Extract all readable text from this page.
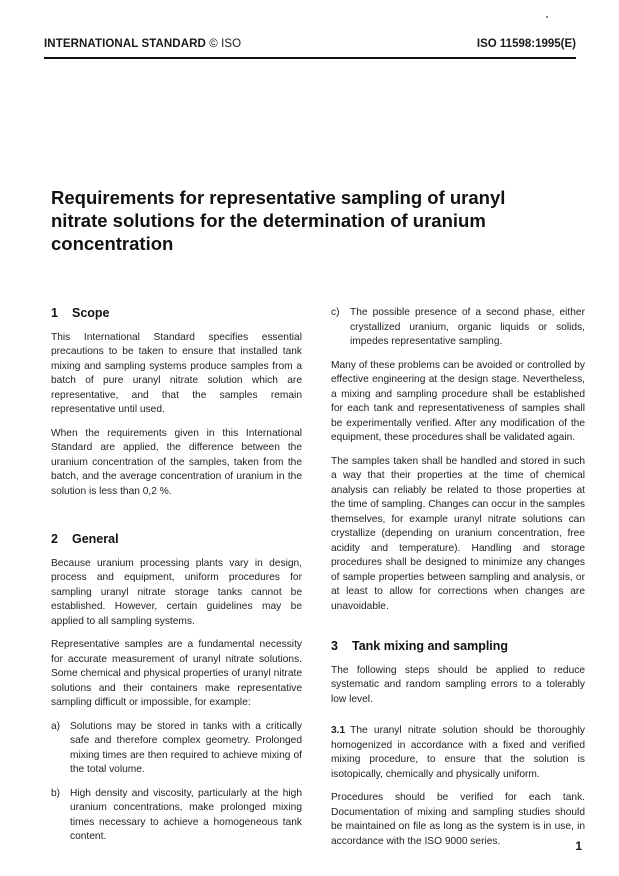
INTERNATIONAL STANDARD © ISO	ISO 11598:1995(E)
Requirements for representative sampling of uranyl nitrate solutions for the determination of uranium concentration
1 Scope

This International Standard specifies essential precautions to be taken to ensure that installed tank mixing and sampling systems produce samples from a batch of pure uranyl nitrate solution which are representative, and that the samples remain representative until used.

When the requirements given in this International Standard are applied, the difference between the uranium concentration of the samples, taken from the batch, and the average concentration of uranium in the solution is less than 0,2 %.

2 General

Because uranium processing plants vary in design, process and equipment, uniform procedures for sampling uranyl nitrate storage tanks cannot be established. However, certain guidelines may be applied to all sampling systems.

Representative samples are a fundamental necessity for accurate measurement of uranyl nitrate solutions. Some chemical and physical properties of uranyl nitrate solutions and their containers make representative sampling difficult or impossible, for example:

a) Solutions may be stored in tanks with a critically safe and therefore complex geometry. Prolonged mixing times are then required to achieve mixing of the total volume.
b) High density and viscosity, particularly at the high uranium concentrations, make prolonged mixing times necessary to achieve a homogeneous tank content.
c)	The possible presence of a second phase, either crystallized uranium, organic liquids or solids, impedes representative sampling.

Many of these problems can be avoided or controlled by effective engineering at the design stage. Nevertheless, a mixing and sampling procedure shall be established for each tank and representativeness of samples shall be experimentally verified. After any modification of the equipment, these procedures shall be validated again.

The samples taken shall be handled and stored in such a way that their properties at the time of chemical analysis can reliably be related to those properties at the time of sampling. Changes can occur in the samples themselves, for example uranyl nitrate solutions can crystallize (depending on uranium concentration, free acidity and temperature). Handling and storage procedures shall be designed to minimize any changes of sample properties between sampling and analysis, or at least to allow for corrections when changes are unavoidable.

3 Tank mixing and sampling

The following steps should be applied to reduce systematic and random sampling errors to a tolerably low level.

3.1 The uranyl nitrate solution should be thoroughly homogenized in accordance with a fixed and verified mixing procedure, to ensure that the solution is isotopically, chemically and physically uniform.

Procedures should be verified for each tank. Documentation of mixing and sampling studies should be maintained on file as long as the system is in use, in accordance with the ISO 9000 series.	1
